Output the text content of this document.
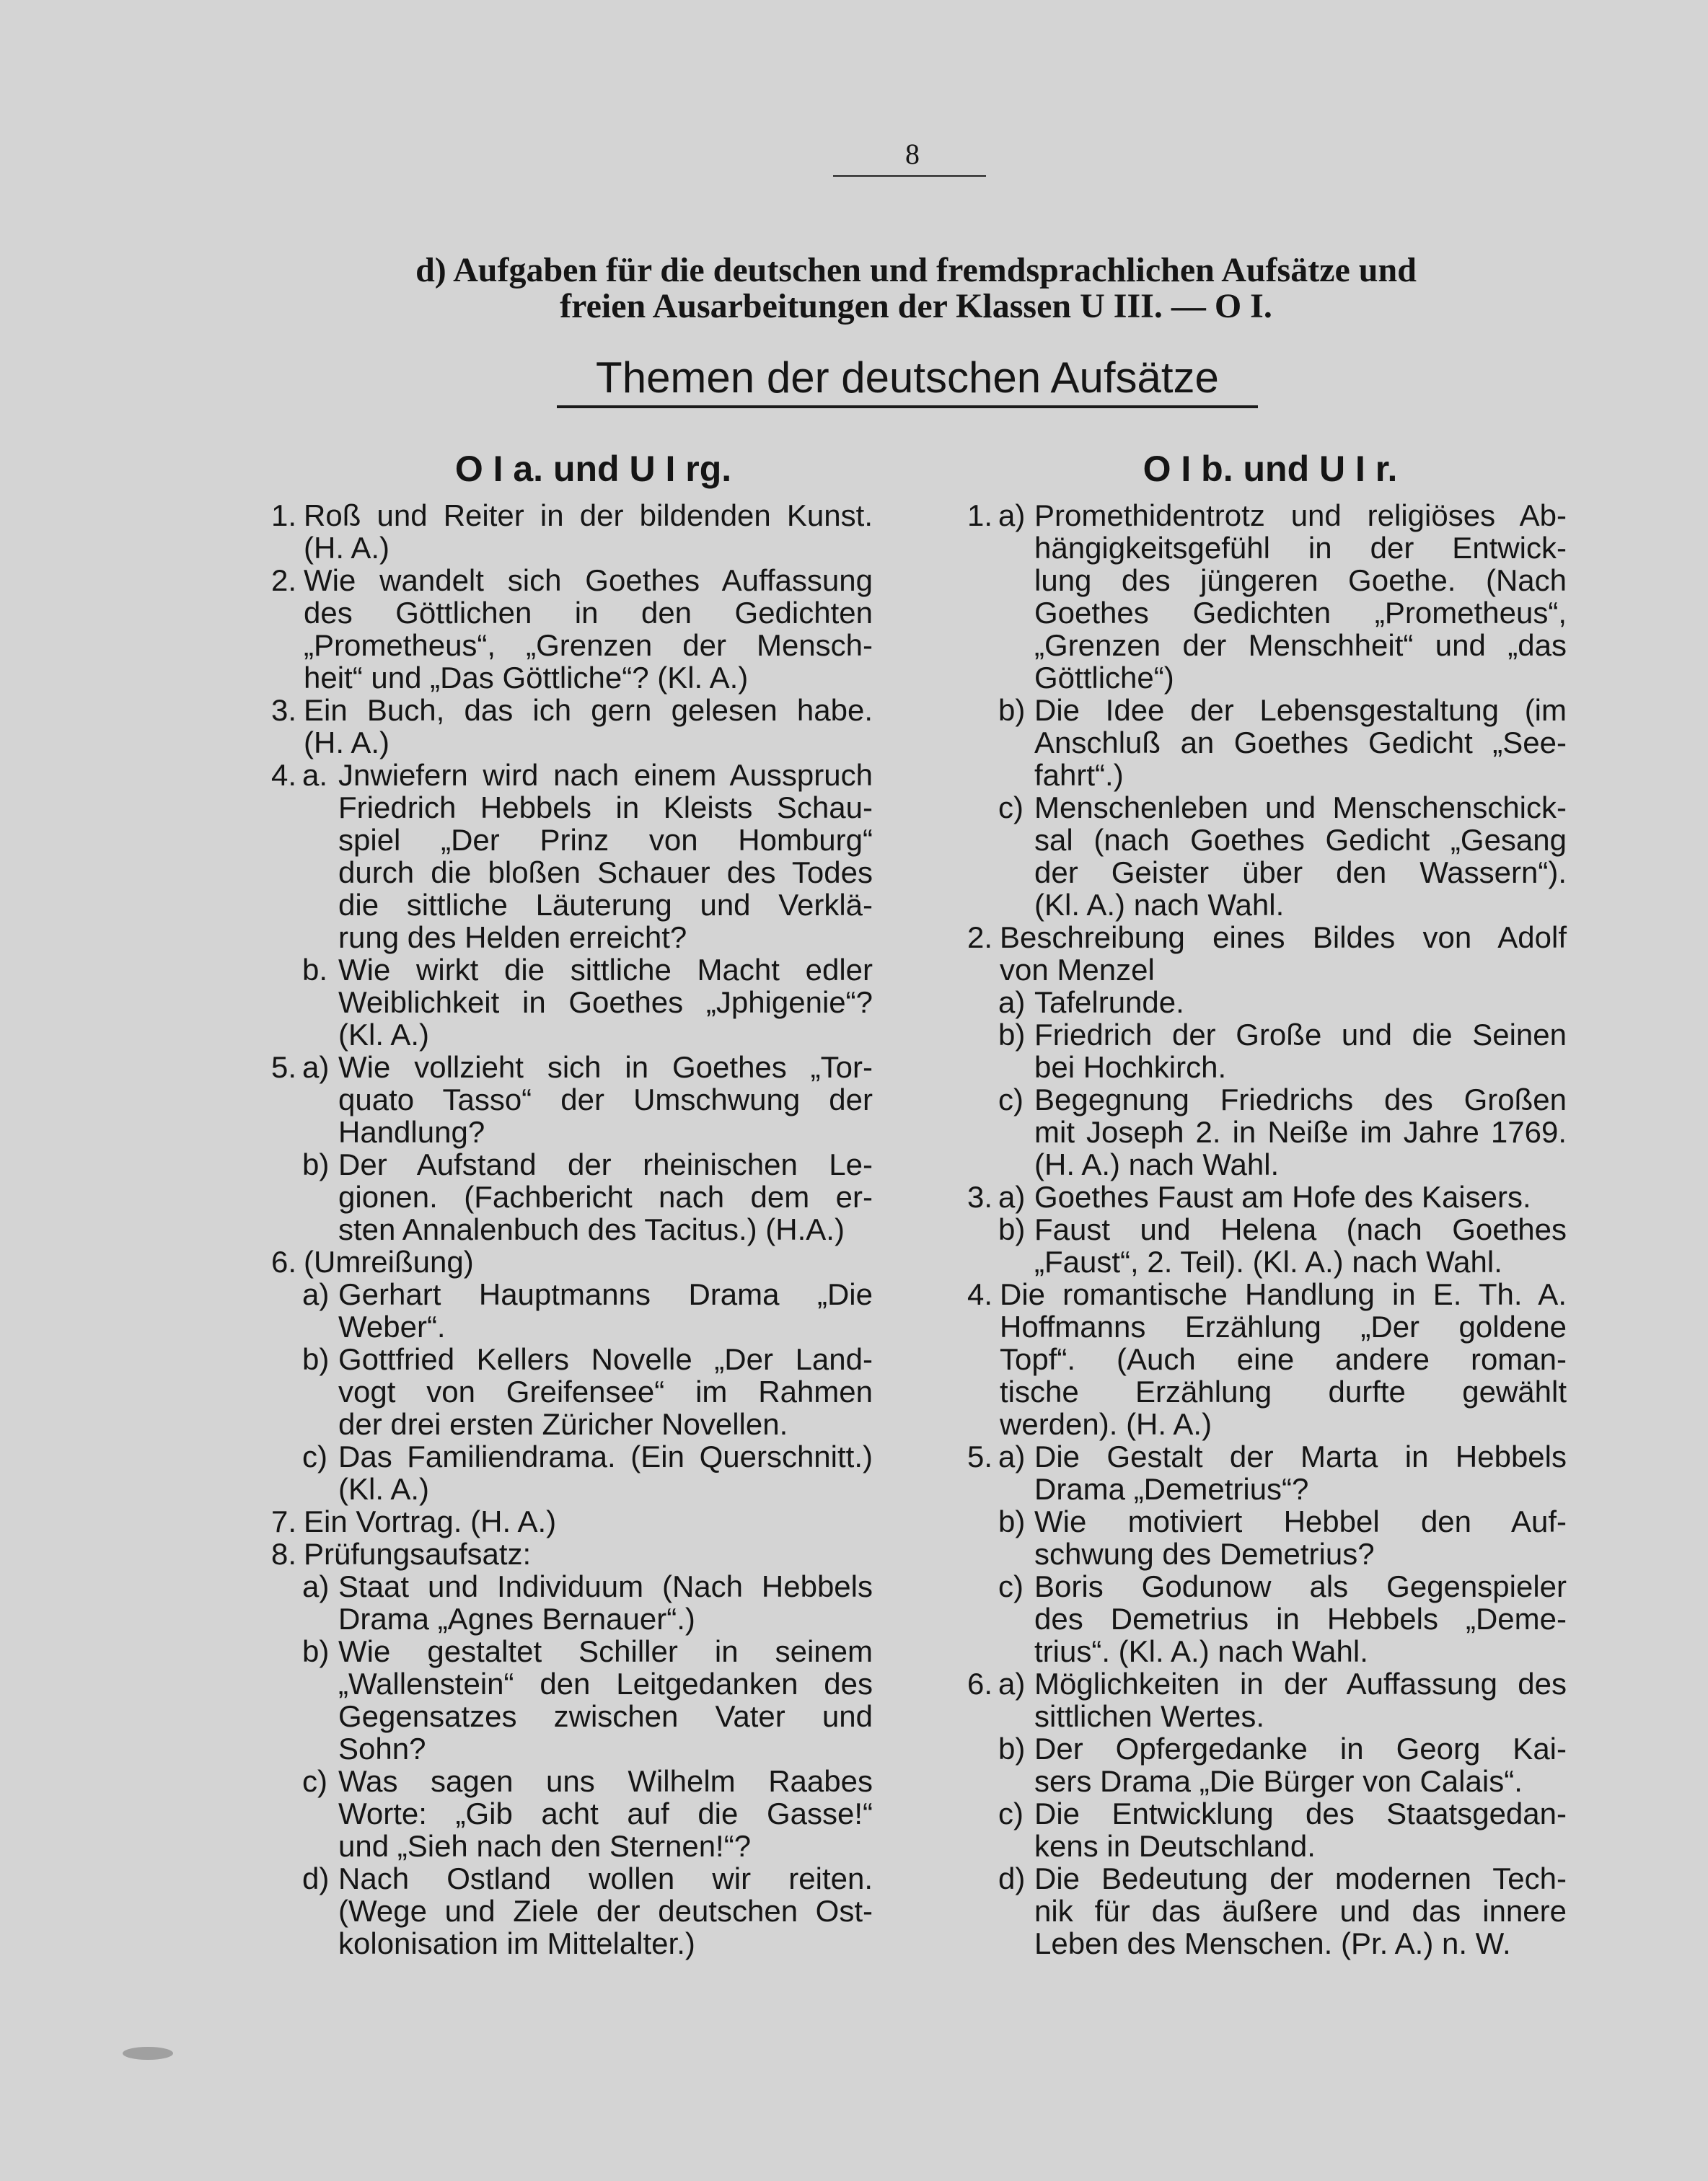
8
d) Aufgaben für die deutschen und fremdsprachlichen Aufsätze und
freien Ausarbeitungen der Klassen U III. — O I.
Themen der deutschen Aufsätze
O I a. und U I rg.
1. Roß und Reiter in der bildenden Kunst.
(H. A.)
2. Wie wandelt sich Goethes Auffassung
des Göttlichen in den Gedichten
„Prometheus“, „Grenzen der Mensch-
heit“ und „Das Göttliche“? (Kl. A.)
3. Ein Buch, das ich gern gelesen habe.
(H. A.)
4. a. Jnwiefern wird nach einem Ausspruch
Friedrich Hebbels in Kleists Schau-
spiel „Der Prinz von Homburg“
durch die bloßen Schauer des Todes
die sittliche Läuterung und Verklä-
rung des Helden erreicht?
b. Wie wirkt die sittliche Macht edler
Weiblichkeit in Goethes „Jphigenie“?
(Kl. A.)
5. a) Wie vollzieht sich in Goethes „Tor-
quato Tasso“ der Umschwung der
Handlung?
b) Der Aufstand der rheinischen Le-
gionen. (Fachbericht nach dem er-
sten Annalenbuch des Tacitus.) (H.A.)
6. (Umreißung)
a) Gerhart Hauptmanns Drama „Die
Weber“.
b) Gottfried Kellers Novelle „Der Land-
vogt von Greifensee“ im Rahmen
der drei ersten Züricher Novellen.
c) Das Familiendrama. (Ein Querschnitt.)
(Kl. A.)
7. Ein Vortrag. (H. A.)
8. Prüfungsaufsatz:
a) Staat und Individuum (Nach Hebbels
Drama „Agnes Bernauer“.)
b) Wie gestaltet Schiller in seinem
„Wallenstein“ den Leitgedanken des
Gegensatzes zwischen Vater und
Sohn?
c) Was sagen uns Wilhelm Raabes
Worte: „Gib acht auf die Gasse!“
und „Sieh nach den Sternen!“?
d) Nach Ostland wollen wir reiten.
(Wege und Ziele der deutschen Ost-
kolonisation im Mittelalter.)
O I b. und U I r.
1. a) Promethidentrotz und religiöses Ab-
hängigkeitsgefühl in der Entwick-
lung des jüngeren Goethe. (Nach
Goethes Gedichten „Prometheus“,
„Grenzen der Menschheit“ und „das
Göttliche“)
b) Die Idee der Lebensgestaltung (im
Anschluß an Goethes Gedicht „See-
fahrt“.)
c) Menschenleben und Menschenschick-
sal (nach Goethes Gedicht „Gesang
der Geister über den Wassern“).
(Kl. A.) nach Wahl.
2. Beschreibung eines Bildes von Adolf
von Menzel
a) Tafelrunde.
b) Friedrich der Große und die Seinen
bei Hochkirch.
c) Begegnung Friedrichs des Großen
mit Joseph 2. in Neiße im Jahre 1769.
(H. A.) nach Wahl.
3. a) Goethes Faust am Hofe des Kaisers.
b) Faust und Helena (nach Goethes
„Faust“, 2. Teil). (Kl. A.) nach Wahl.
4. Die romantische Handlung in E. Th. A.
Hoffmanns Erzählung „Der goldene
Topf“. (Auch eine andere roman-
tische Erzählung durfte gewählt
werden). (H. A.)
5. a) Die Gestalt der Marta in Hebbels
Drama „Demetrius“?
b) Wie motiviert Hebbel den Auf-
schwung des Demetrius?
c) Boris Godunow als Gegenspieler
des Demetrius in Hebbels „Deme-
trius“. (Kl. A.) nach Wahl.
6. a) Möglichkeiten in der Auffassung des
sittlichen Wertes.
b) Der Opfergedanke in Georg Kai-
sers Drama „Die Bürger von Calais“.
c) Die Entwicklung des Staatsgedan-
kens in Deutschland.
d) Die Bedeutung der modernen Tech-
nik für das äußere und das innere
Leben des Menschen. (Pr. A.) n. W.
